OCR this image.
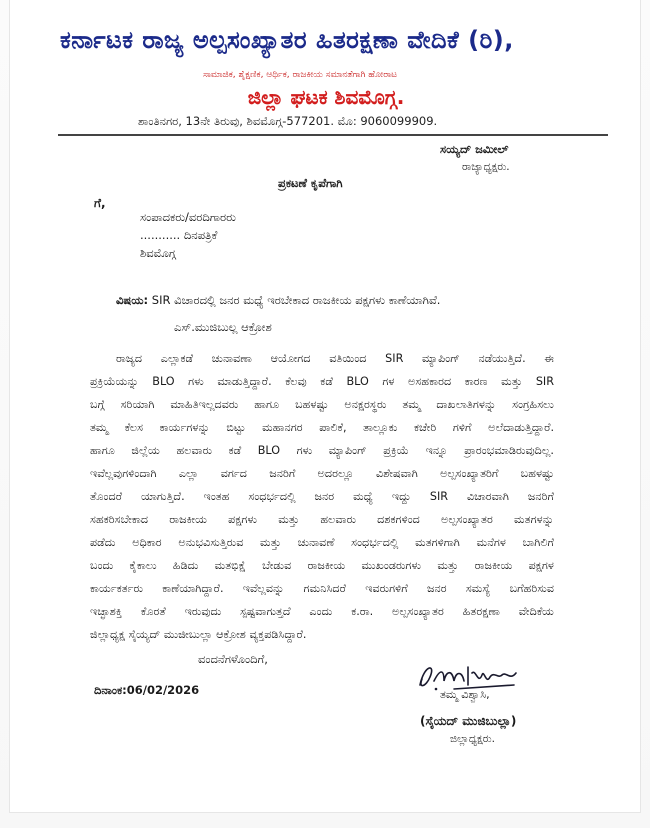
ಕರ್ನಾಟಕ ರಾಜ್ಯ ಅಲ್ಪಸಂಖ್ಯಾತರ ಹಿತರಕ್ಷಣಾ ವೇದಿಕೆ (ರಿ),
ಸಾಮಾಜಿಕ, ಶೈಕ್ಷಣಿಕ, ಆರ್ಥಿಕ, ರಾಜಕೀಯ ಸಮಾನತೆಗಾಗಿ ಹೋರಾಟ
ಜಿಲ್ಲಾ ಘಟಕ ಶಿವಮೊಗ್ಗ.
ಶಾಂತಿನಗರ, 13ನೇ ತಿರುವು, ಶಿವಮೊಗ್ಗ-577201. ಮೊ: 9060099909.
ಸಯ್ಯದ್ ಜಮೀಲ್
ರಾಜ್ಯಾಧ್ಯಕ್ಷರು.
ಪ್ರಕಟಣೆ ಕೃಪೆಗಾಗಿ
ಗೆ,
ಸಂಪಾದಕರು/ವರದಿಗಾರರು
........... ದಿನಪತ್ರಿಕೆ
ಶಿವಮೊಗ್ಗ
ವಿಷಯ: SIR ವಿಚಾರದಲ್ಲಿ ಜನರ ಮಧ್ಯೆ ಇರಬೇಕಾದ ರಾಜಕೀಯ ಪಕ್ಷಗಳು ಕಾಣೆಯಾಗಿವೆ.
ಎಸ್.ಮುಜಿಬುಲ್ಲ ಆಕ್ರೋಶ
ರಾಜ್ಯದ ಎಲ್ಲಾಕಡೆ ಚುನಾವಣಾ ಆಯೋಗದ ವತಿಯಿಂದ SIR ಮ್ಯಾಪಿಂಗ್ ನಡೆಯುತ್ತಿದೆ. ಈ
ಪ್ರಕ್ರಿಯೆಯನ್ನು BLO ಗಳು ಮಾಡುತ್ತಿದ್ದಾರೆ. ಕೆಲವು ಕಡೆ BLO ಗಳ ಅಸಹಕಾರದ ಕಾರಣ ಮತ್ತು SIR
ಬಗ್ಗೆ ಸರಿಯಾಗಿ ಮಾಹಿತಿಇಲ್ಲದವರು ಹಾಗೂ ಬಹಳಷ್ಟು ಅನಕ್ಷರಸ್ಥರು ತಮ್ಮ ದಾಖಲಾತಿಗಳನ್ನು ಸಂಗ್ರಹಿಸಲು
ತಮ್ಮ ಕೆಲಸ ಕಾರ್ಯಗಳನ್ನು ಬಿಟ್ಟು ಮಹಾನಗರ ಪಾಲಿಕೆ, ತಾಲ್ಲೂಕು ಕಚೇರಿ ಗಳಿಗೆ ಅಲೆದಾಡುತ್ತಿದ್ದಾರೆ.
ಹಾಗೂ ಜಿಲ್ಲೆಯ ಹಲವಾರು ಕಡೆ BLO ಗಳು ಮ್ಯಾಪಿಂಗ್ ಪ್ರಕ್ರಿಯೆ ಇನ್ನೂ ಪ್ರಾರಂಭಮಾಡಿರುವುದಿಲ್ಲ.
ಇವೆಲ್ಲವುಗಳಿಂದಾಗಿ ಎಲ್ಲಾ ವರ್ಗದ ಜನರಿಗೆ ಅದರಲ್ಲೂ ವಿಶೇಷವಾಗಿ ಅಲ್ಪಸಂಖ್ಯಾತರಿಗೆ ಬಹಳಷ್ಟು
ತೊಂದರೆ ಯಾಗುತ್ತಿದೆ. ಇಂತಹ ಸಂಧರ್ಭದಲ್ಲಿ ಜನರ ಮಧ್ಯೆ ಇದ್ದು SIR ವಿಚಾರವಾಗಿ ಜನರಿಗೆ
ಸಹಕರಿಸಬೇಕಾದ ರಾಜಕೀಯ ಪಕ್ಷಗಳು ಮತ್ತು ಹಲವಾರು ದಶಕಗಳಿಂದ ಅಲ್ಪಸಂಖ್ಯಾತರ ಮತಗಳನ್ನು
ಪಡೆದು ಅಧಿಕಾರ ಅನುಭವಿಸುತ್ತಿರುವ ಮತ್ತು ಚುನಾವಣೆ ಸಂಧರ್ಭದಲ್ಲಿ ಮತಗಳಿಗಾಗಿ ಮನೆಗಳ ಬಾಗಿಲಿಗೆ
ಬಂದು ಕೈಕಾಲು ಹಿಡಿದು ಮತಭಿಕ್ಷೆ ಬೇಡುವ ರಾಜಕೀಯ ಮುಖಂಡರುಗಳು ಮತ್ತು ರಾಜಕೀಯ ಪಕ್ಷಗಳ
ಕಾರ್ಯಕರ್ತರು ಕಾಣೆಯಾಗಿದ್ದಾರೆ. ಇವೆಲ್ಲವನ್ನು ಗಮನಿಸಿದರೆ ಇವರುಗಳಿಗೆ ಜನರ ಸಮಸ್ಯೆ ಬಗೆಹರಿಸುವ
ಇಚ್ಛಾಶಕ್ತಿ ಕೊರತೆ ಇರುವುದು ಸ್ಪಷ್ಟವಾಗುತ್ತದೆ ಎಂದು ಕ.ರಾ. ಅಲ್ಪಸಂಖ್ಯಾತರ ಹಿತರಕ್ಷಣಾ ವೇದಿಕೆಯ
ಜಿಲ್ಲಾಧ್ಯಕ್ಷ ಸೈಯ್ಯದ್ ಮುಜೀಬುಲ್ಲಾ ಆಕ್ರೋಶ ವ್ಯಕ್ತಪಡಿಸಿದ್ದಾರೆ.
ವಂದನೆಗಳೊಂದಿಗೆ,
ದಿನಾಂಕ:06/02/2026	ತಮ್ಮ ವಿಶ್ವಾಸಿ,
(ಸೈಯದ್ ಮುಜಿಬುಲ್ಲಾ)
ಜಿಲ್ಲಾಧ್ಯಕ್ಷರು.
